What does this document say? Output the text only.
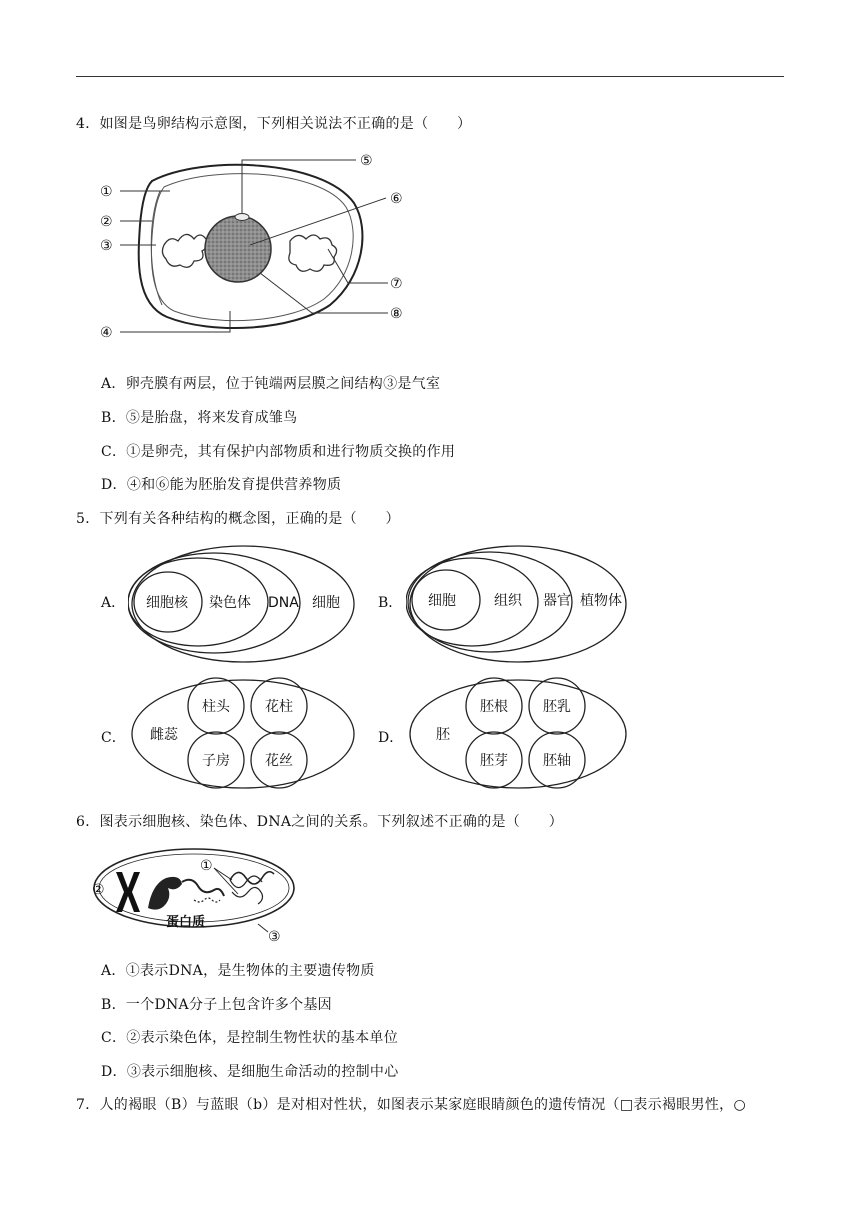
4．如图是鸟卵结构示意图，下列相关说法不正确的是（　　）
①
②
③
④
⑤
⑥
⑦
⑧
A．卵壳膜有两层，位于钝端两层膜之间结构③是气室
B．⑤是胎盘，将来发育成雏鸟
C．①是卵壳，其有保护内部物质和进行物质交换的作用
D．④和⑥能为胚胎发育提供营养物质
5．下列有关各种结构的概念图，正确的是（　　）
A． 细胞核 染色体 DNA 细胞	B． 细胞	组织 器官 植物体
C． 雌蕊
柱头	花柱
子房	花丝
D． 胚
胚根	胚乳
胚芽	胚轴
6．图表示细胞核、染色体、DNA之间的关系。下列叙述不正确的是（　　）
①
②
③
蛋白质
A．①表示DNA，是生物体的主要遗传物质
B．一个DNA分子上包含许多个基因
C．②表示染色体，是控制生物性状的基本单位
D．③表示细胞核、是细胞生命活动的控制中心
7．人的褐眼（B）与蓝眼（b）是对相对性状，如图表示某家庭眼睛颜色的遗传情况（□表示褐眼男性，○
